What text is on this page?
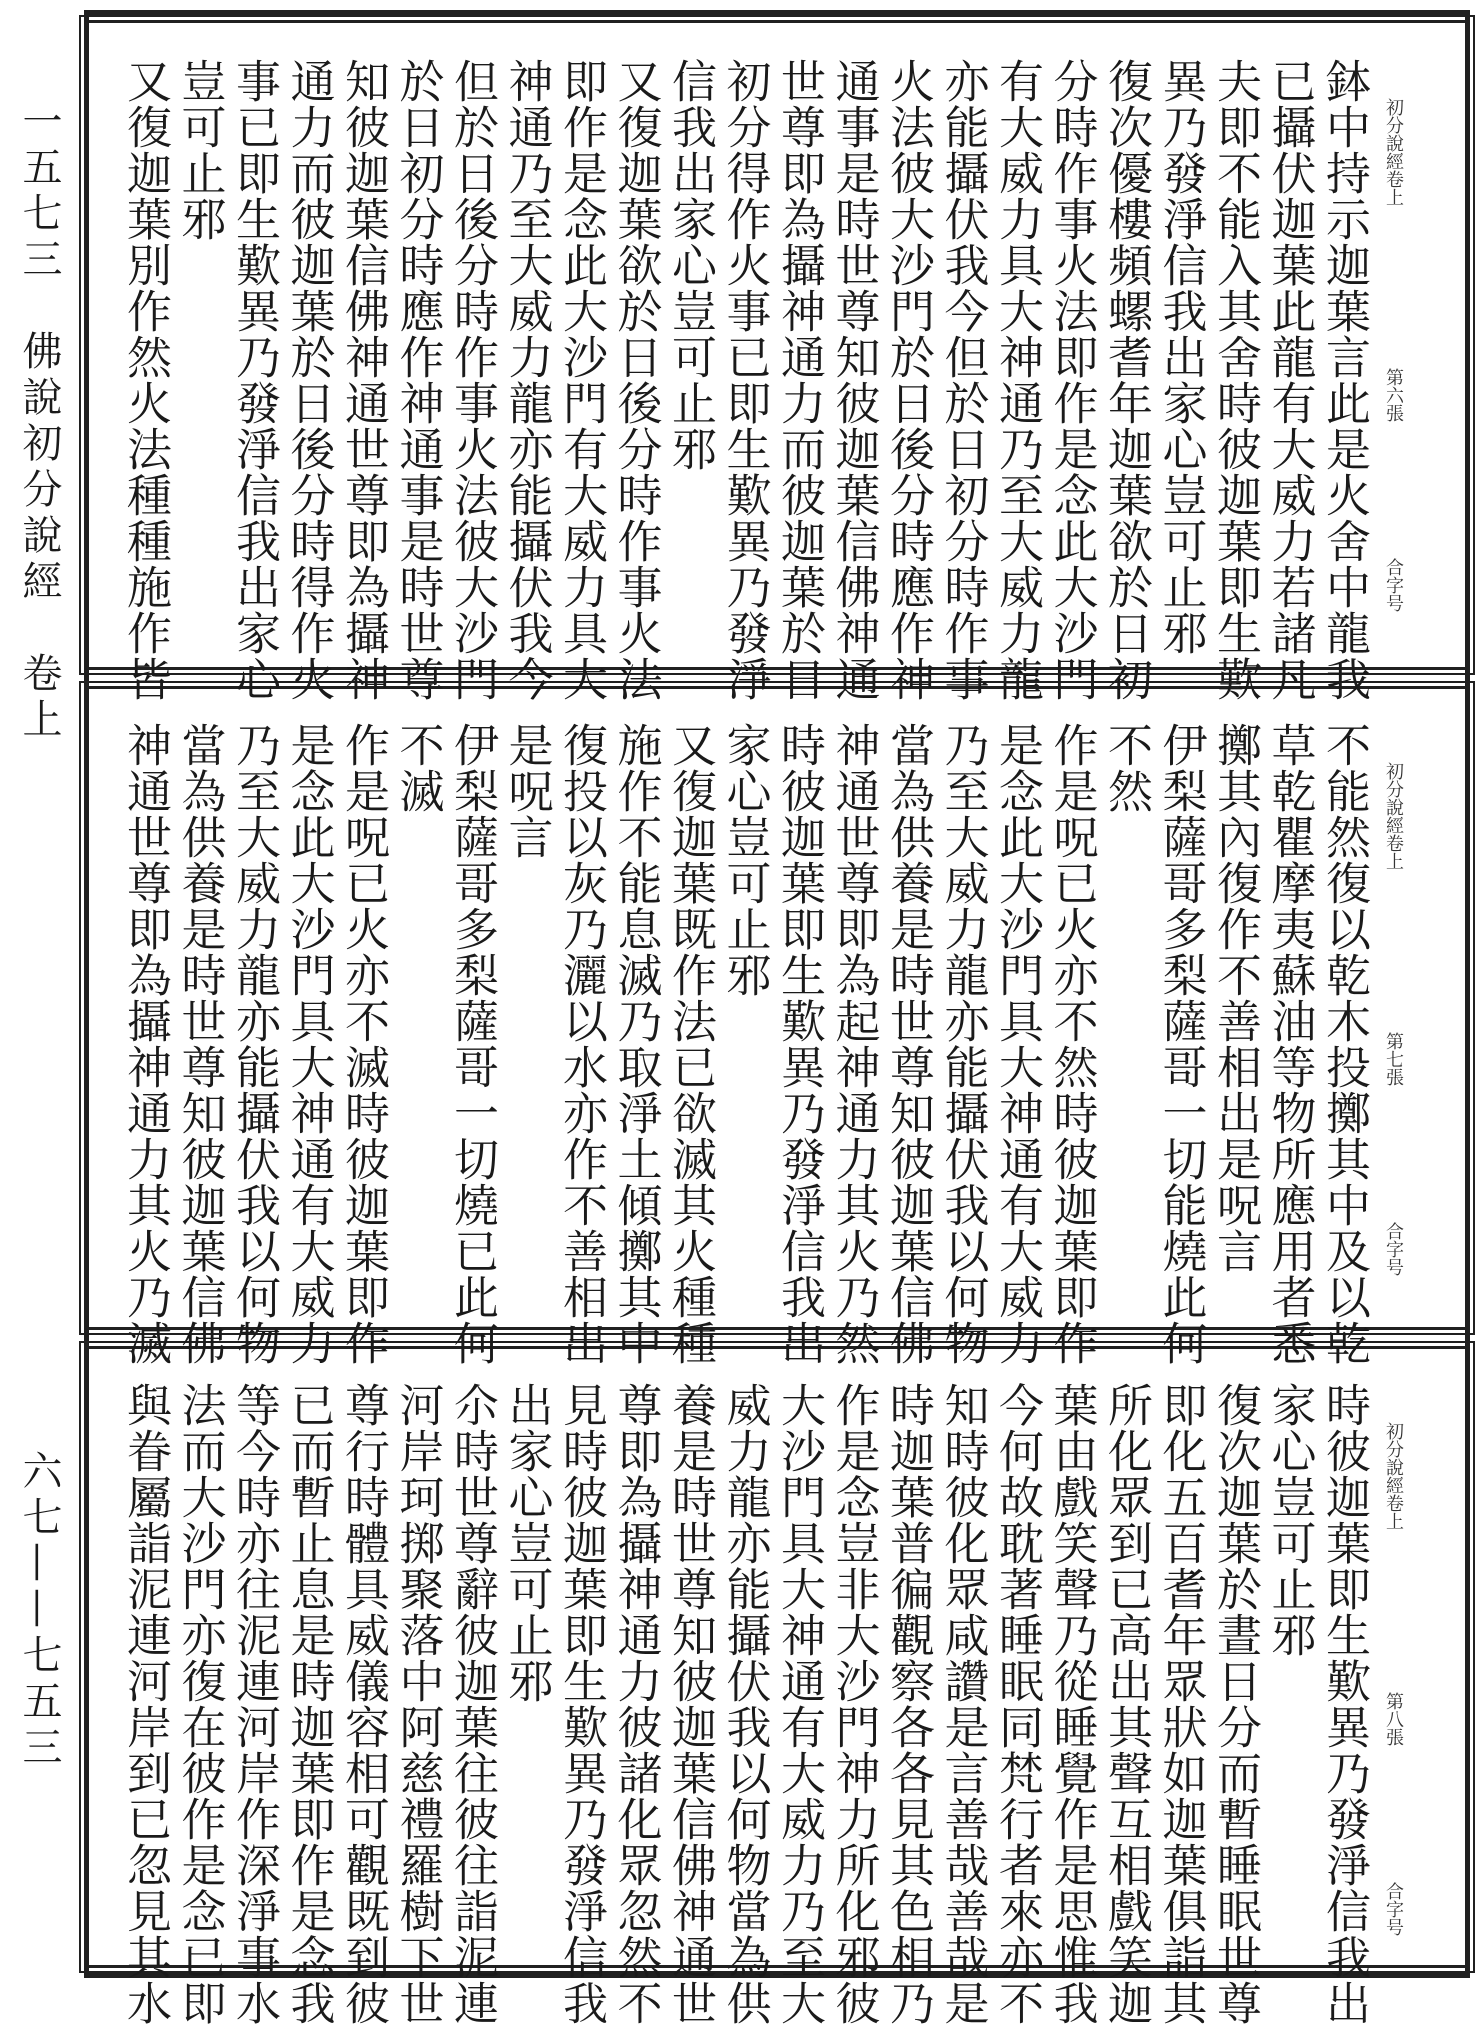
一五七三　佛說初分說經　卷上
六七——七五三
初分說經卷上
第六張
合字号
鉢中持示迦葉言此是火舍中龍我
已攝伏迦葉此龍有大威力若諸凡
夫即不能入其舍時彼迦葉即生歎
異乃發淨信我出家心豈可止邪
復次優樓頻螺耆年迦葉欲於日初
分時作事火法即作是念此大沙門
有大威力具大神通乃至大威力龍
亦能攝伏我今但於日初分時作事
火法彼大沙門於日後分時應作神
通事是時世尊知彼迦葉信佛神通
世尊即為攝神通力而彼迦葉於日
初分得作火事已即生歎異乃發淨
信我出家心豈可止邪
又復迦葉欲於日後分時作事火法
即作是念此大沙門有大威力具大
神通乃至大威力龍亦能攝伏我今
但於日後分時作事火法彼大沙門
於日初分時應作神通事是時世尊
知彼迦葉信佛神通世尊即為攝神
通力而彼迦葉於日後分時得作火
事已即生歎異乃發淨信我出家心
豈可止邪
又復迦葉別作然火法種種施作皆
初分說經卷上
第七張
合字号
不能然復以乾木投擲其中及以乾
草乾瞿摩夷蘇油等物所應用者悉
擲其內復作不善相出是呪言
伊梨薩哥多梨薩哥一切能燒此何
不然
作是呪已火亦不然時彼迦葉即作
是念此大沙門具大神通有大威力
乃至大威力龍亦能攝伏我以何物
當為供養是時世尊知彼迦葉信佛
神通世尊即為起神通力其火乃然
時彼迦葉即生歎異乃發淨信我出
家心豈可止邪
又復迦葉既作法已欲滅其火種種
施作不能息滅乃取淨土傾擲其中
復投以灰乃灑以水亦作不善相出
是呪言
伊梨薩哥多梨薩哥一切燒已此何
不滅
作是呪已火亦不滅時彼迦葉即作
是念此大沙門具大神通有大威力
乃至大威力龍亦能攝伏我以何物
當為供養是時世尊知彼迦葉信佛
神通世尊即為攝神通力其火乃滅
初分說經卷上
第八張
合字号
時彼迦葉即生歎異乃發淨信我出
家心豈可止邪
復次迦葉於晝日分而暫睡眠世尊
即化五百耆年眾狀如迦葉俱詣其
所化眾到已高出其聲互相戲笑迦
葉由戲笑聲乃從睡覺作是思惟我
今何故耽著睡眠同梵行者來亦不
知時彼化眾咸讚是言善哉善哉是
時迦葉普徧觀察各各見其色相乃
作是念豈非大沙門神力所化邪彼
大沙門具大神通有大威力乃至大
威力龍亦能攝伏我以何物當為供
養是時世尊知彼迦葉信佛神通世
尊即為攝神通力彼諸化眾忽然不
見時彼迦葉即生歎異乃發淨信我
出家心豈可止邪
尒時世尊辭彼迦葉往彼往詣泥連
河岸珂掷聚落中阿慈禮羅樹下世
尊行時體具威儀容相可觀既到彼
已而暫止息是時迦葉即作是念我
等今時亦往泥連河岸作深淨事水
法而大沙門亦復在彼作是念已即
與眷屬詣泥連河岸到已忽見其水
